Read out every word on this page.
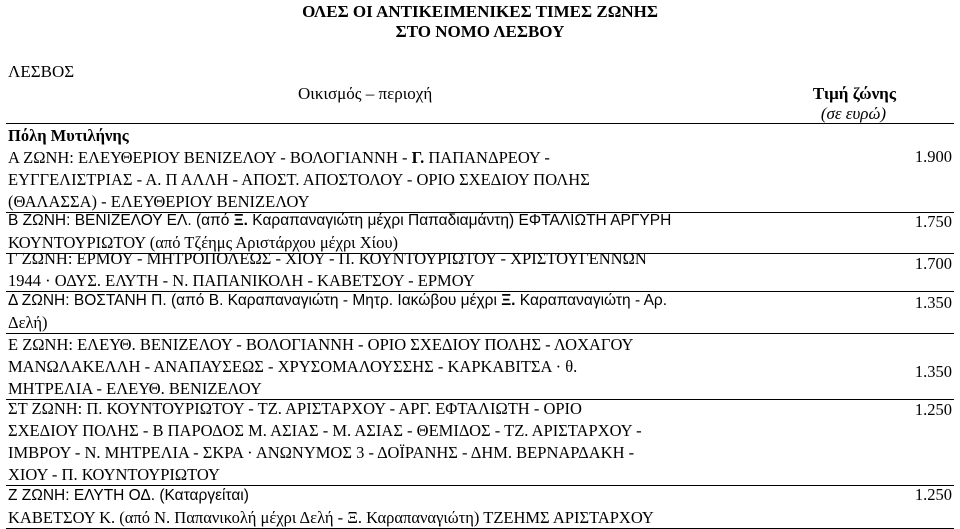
ΟΛΕΣ ΟΙ ΑΝΤΙΚΕΙΜΕΝΙΚΕΣ ΤΙΜΕΣ ΖΩΝΗΣ
ΣΤΟ ΝΟΜΟ ΛΕΣΒΟΥ
ΛΕΣΒΟΣ
Οικισμός – περιοχή	Τιμή ζώνης
(σε ευρώ)
Πόλη Μυτιλήνης
Α ΖΩΝΗ: ΕΛΕΥΘΕΡΙΟΥ ΒΕΝΙΖΕΛΟΥ - ΒΟΛΟΓΙΑΝΝΗ - Γ. ΠΑΠΑΝΔΡΕΟΥ -
ΕΥΓΓΕΛΙΣΤΡΙΑΣ - Α. Π ΑΛΛΗ - ΑΠΟΣΤ. ΑΠΟΣΤΟΛΟΥ - ΟΡΙΟ ΣΧΕΔΙΟΥ ΠΟΛΗΣ
(ΘΑΛΑΣΣΑ) - ΕΛΕΥΘΕΡΙΟΥ ΒΕΝΙΖΕΛΟΥ
1.900
Β ΖΩΝΗ: ΒΕΝΙΖΕΛΟΥ ΕΛ. (από Ξ. Καραπαναγιώτη μέχρι Παπαδιαμάντη) ΕΦΤΑΛΙΩΤΗ ΑΡΓΥΡΗ
ΚΟΥΝΤΟΥΡΙΩΤΟΥ (από Τζέημς Αριστάρχου μέχρι Χίου)
1.750
Γ ΖΩΝΗ: ΕΡΜΟΥ - ΜΗΤΡΟΠΟΛΕΩΣ - ΧΙΟΥ - Π. ΚΟΥΝΤΟΥΡΙΩΤΟΥ - ΧΡΙΣΤΟΥΓΕΝΝΩΝ
1944 · ΟΔΥΣ. ΕΛΥΤΗ - Ν. ΠΑΠΑΝΙΚΟΛΗ - ΚΑΒΕΤΣΟΥ - ΕΡΜΟΥ
1.700
Δ ΖΩΝΗ: ΒΟΣΤΑΝΗ Π. (από Β. Καραπαναγιώτη - Μητρ. Ιακώβου μέχρι Ξ. Καραπαναγιώτη - Αρ.
Δελή)
1.350
Ε ΖΩΝΗ: ΕΛΕΥΘ. ΒΕΝΙΖΕΛΟΥ - ΒΟΛΟΓΙΑΝΝΗ - ΟΡΙΟ ΣΧΕΔΙΟΥ ΠΟΛΗΣ - ΛΟΧΑΓΟΥ
ΜΑΝΩΛΑΚΕΛΛΗ - ΑΝΑΠΑΥΣΕΩΣ - ΧΡΥΣΟΜΑΛΟΥΣΣΗΣ - ΚΑΡΚΑΒΙΤΣΑ · θ.
ΜΗΤΡΕΛΙΑ - ΕΛΕΥΘ. ΒΕΝΙΖΕΛΟΥ
1.350
ΣΤ ΖΩΝΗ: Π. ΚΟΥΝΤΟΥΡΙΩΤΟΥ - ΤΖ. ΑΡΙΣΤΑΡΧΟΥ - ΑΡΓ. ΕΦΤΑΛΙΩΤΗ - ΟΡΙΟ
ΣΧΕΔΙΟΥ ΠΟΛΗΣ - Β ΠΑΡΟΔΟΣ Μ. ΑΣΙΑΣ - Μ. ΑΣΙΑΣ - ΘΕΜΙΔΟΣ - ΤΖ. ΑΡΙΣΤΑΡΧΟΥ -
ΙΜΒΡΟΥ - Ν. ΜΗΤΡΕΛΙΑ - ΣΚΡΑ · ΑΝΩΝΥΜΟΣ 3 - ΔΟΪΡΑΝΗΣ - ΔΗΜ. ΒΕΡΝΑΡΔΑΚΗ -
ΧΙΟΥ - Π. ΚΟΥΝΤΟΥΡΙΩΤΟΥ
1.250
Ζ ΖΩΝΗ: ΕΛΥΤΗ ΟΔ. (Καταργείται)
ΚΑΒΕΤΣΟΥ Κ. (από Ν. Παπανικολή μέχρι Δελή - Ξ. Καραπαναγιώτη) ΤΖΕΗΜΣ ΑΡΙΣΤΑΡΧΟΥ
1.250
